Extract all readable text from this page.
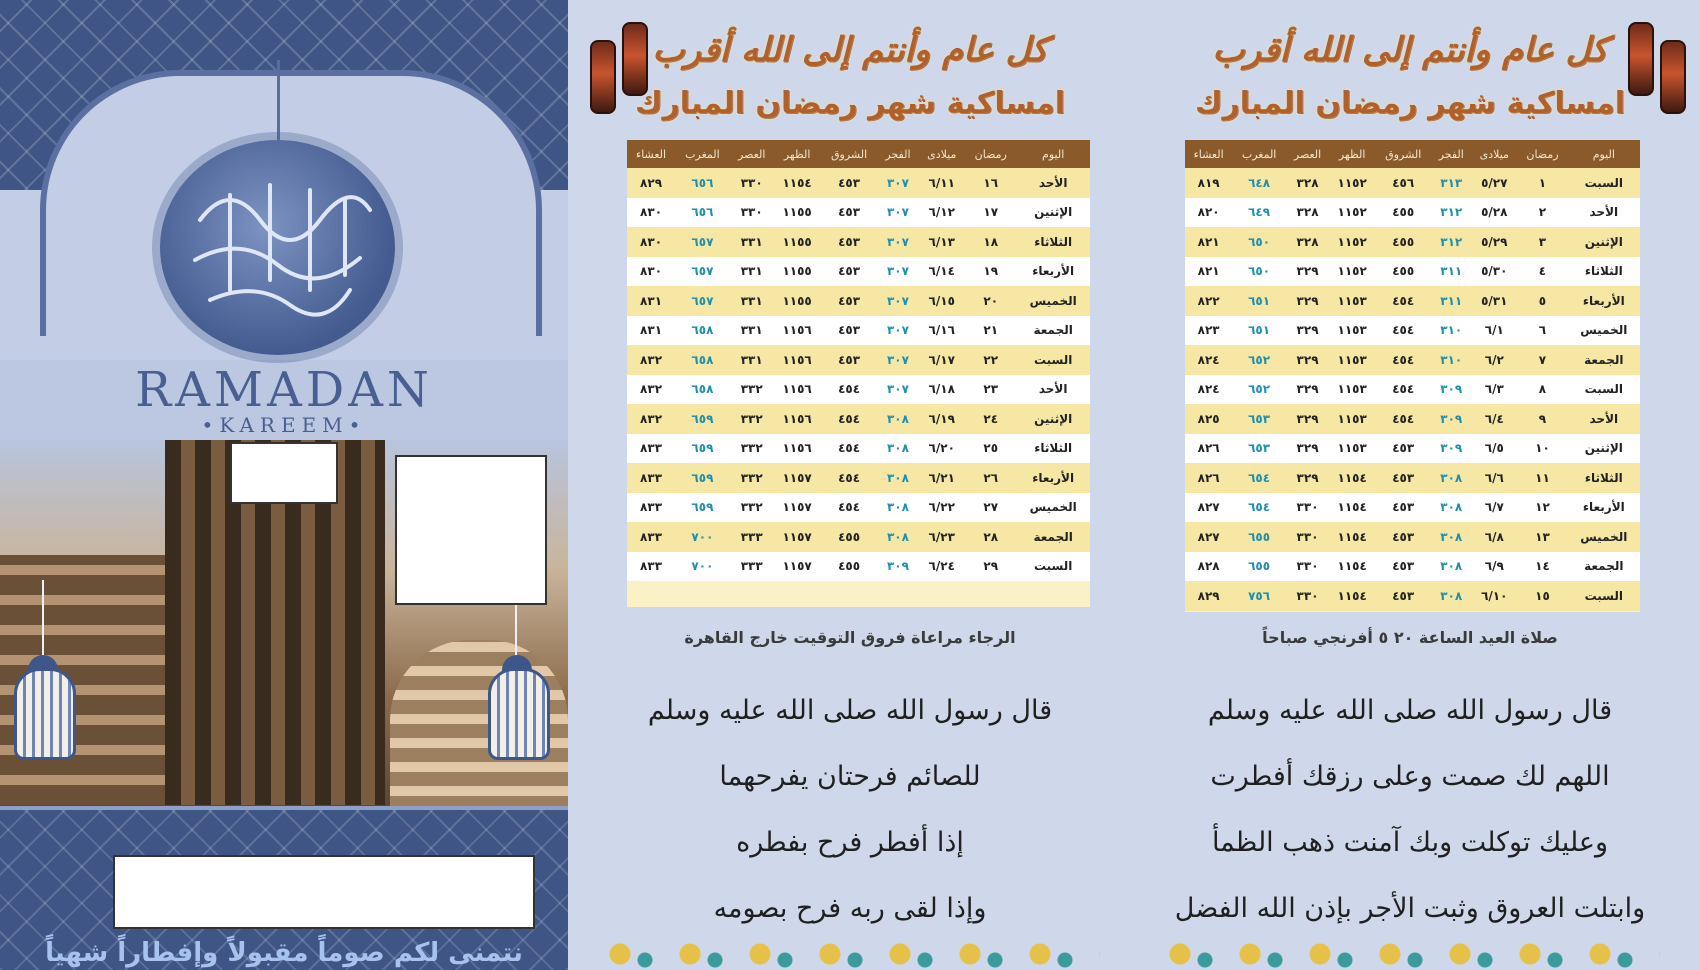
RAMADAN
•KAREEM•
نتمنى لكم صوماً مقبولاً وإفطاراً شهياً
كل عام وأنتم إلى الله أقرب
امساكية شهر رمضان المبارك
اليوم	رمضان	ميلادى	الفجر	الشروق	الظهر	العصر	المغرب	العشاء
الأحد	١٦	٦/١١	٣٠٧	٤٥٣	١١٥٤	٣٣٠	٦٥٦	٨٢٩
الإثنين	١٧	٦/١٢	٣٠٧	٤٥٣	١١٥٥	٣٣٠	٦٥٦	٨٣٠
الثلاثاء	١٨	٦/١٣	٣٠٧	٤٥٣	١١٥٥	٣٣١	٦٥٧	٨٣٠
الأربعاء	١٩	٦/١٤	٣٠٧	٤٥٣	١١٥٥	٣٣١	٦٥٧	٨٣٠
الخميس	٢٠	٦/١٥	٣٠٧	٤٥٣	١١٥٥	٣٣١	٦٥٧	٨٣١
الجمعة	٢١	٦/١٦	٣٠٧	٤٥٣	١١٥٦	٣٣١	٦٥٨	٨٣١
السبت	٢٢	٦/١٧	٣٠٧	٤٥٣	١١٥٦	٣٣١	٦٥٨	٨٣٢
الأحد	٢٣	٦/١٨	٣٠٧	٤٥٤	١١٥٦	٣٣٢	٦٥٨	٨٣٢
الإثنين	٢٤	٦/١٩	٣٠٨	٤٥٤	١١٥٦	٣٣٢	٦٥٩	٨٣٢
الثلاثاء	٢٥	٦/٢٠	٣٠٨	٤٥٤	١١٥٦	٣٣٢	٦٥٩	٨٣٣
الأربعاء	٢٦	٦/٢١	٣٠٨	٤٥٤	١١٥٧	٣٣٢	٦٥٩	٨٣٣
الخميس	٢٧	٦/٢٢	٣٠٨	٤٥٤	١١٥٧	٣٣٢	٦٥٩	٨٣٣
الجمعة	٢٨	٦/٢٣	٣٠٨	٤٥٥	١١٥٧	٣٣٣	٧٠٠	٨٣٣
السبت	٢٩	٦/٢٤	٣٠٩	٤٥٥	١١٥٧	٣٣٣	٧٠٠	٨٣٣
الرجاء مراعاة فروق التوقيت خارج القاهرة
قال رسول الله صلى الله عليه وسلم
للصائم فرحتان يفرحهما
إذا أفطر فرح بفطره
وإذا لقى ربه فرح بصومه
كل عام وأنتم إلى الله أقرب
امساكية شهر رمضان المبارك
اليوم	رمضان	ميلادى	الفجر	الشروق	الظهر	العصر	المغرب	العشاء
السبت	١	٥/٢٧	٣١٣	٤٥٦	١١٥٢	٣٢٨	٦٤٨	٨١٩
الأحد	٢	٥/٢٨	٣١٢	٤٥٥	١١٥٢	٣٢٨	٦٤٩	٨٢٠
الإثنين	٣	٥/٢٩	٣١٢	٤٥٥	١١٥٢	٣٢٨	٦٥٠	٨٢١
الثلاثاء	٤	٥/٣٠	٣١١	٤٥٥	١١٥٢	٣٢٩	٦٥٠	٨٢١
الأربعاء	٥	٥/٣١	٣١١	٤٥٤	١١٥٣	٣٢٩	٦٥١	٨٢٢
الخميس	٦	٦/١	٣١٠	٤٥٤	١١٥٣	٣٢٩	٦٥١	٨٢٣
الجمعة	٧	٦/٢	٣١٠	٤٥٤	١١٥٣	٣٢٩	٦٥٢	٨٢٤
السبت	٨	٦/٣	٣٠٩	٤٥٤	١١٥٣	٣٢٩	٦٥٢	٨٢٤
الأحد	٩	٦/٤	٣٠٩	٤٥٤	١١٥٣	٣٢٩	٦٥٣	٨٢٥
الإثنين	١٠	٦/٥	٣٠٩	٤٥٣	١١٥٣	٣٢٩	٦٥٣	٨٢٦
الثلاثاء	١١	٦/٦	٣٠٨	٤٥٣	١١٥٤	٣٢٩	٦٥٤	٨٢٦
الأربعاء	١٢	٦/٧	٣٠٨	٤٥٣	١١٥٤	٣٣٠	٦٥٤	٨٢٧
الخميس	١٣	٦/٨	٣٠٨	٤٥٣	١١٥٤	٣٣٠	٦٥٥	٨٢٧
الجمعة	١٤	٦/٩	٣٠٨	٤٥٣	١١٥٤	٣٣٠	٦٥٥	٨٢٨
السبت	١٥	٦/١٠	٣٠٨	٤٥٣	١١٥٤	٣٣٠	٧٥٦	٨٢٩
صلاة العيد الساعة ٢٠ ٥ أفرنجي صباحاً
قال رسول الله صلى الله عليه وسلم
اللهم لك صمت وعلى رزقك أفطرت
وعليك توكلت وبك آمنت ذهب الظمأ
وابتلت العروق وثبت الأجر بإذن الله الفضل
